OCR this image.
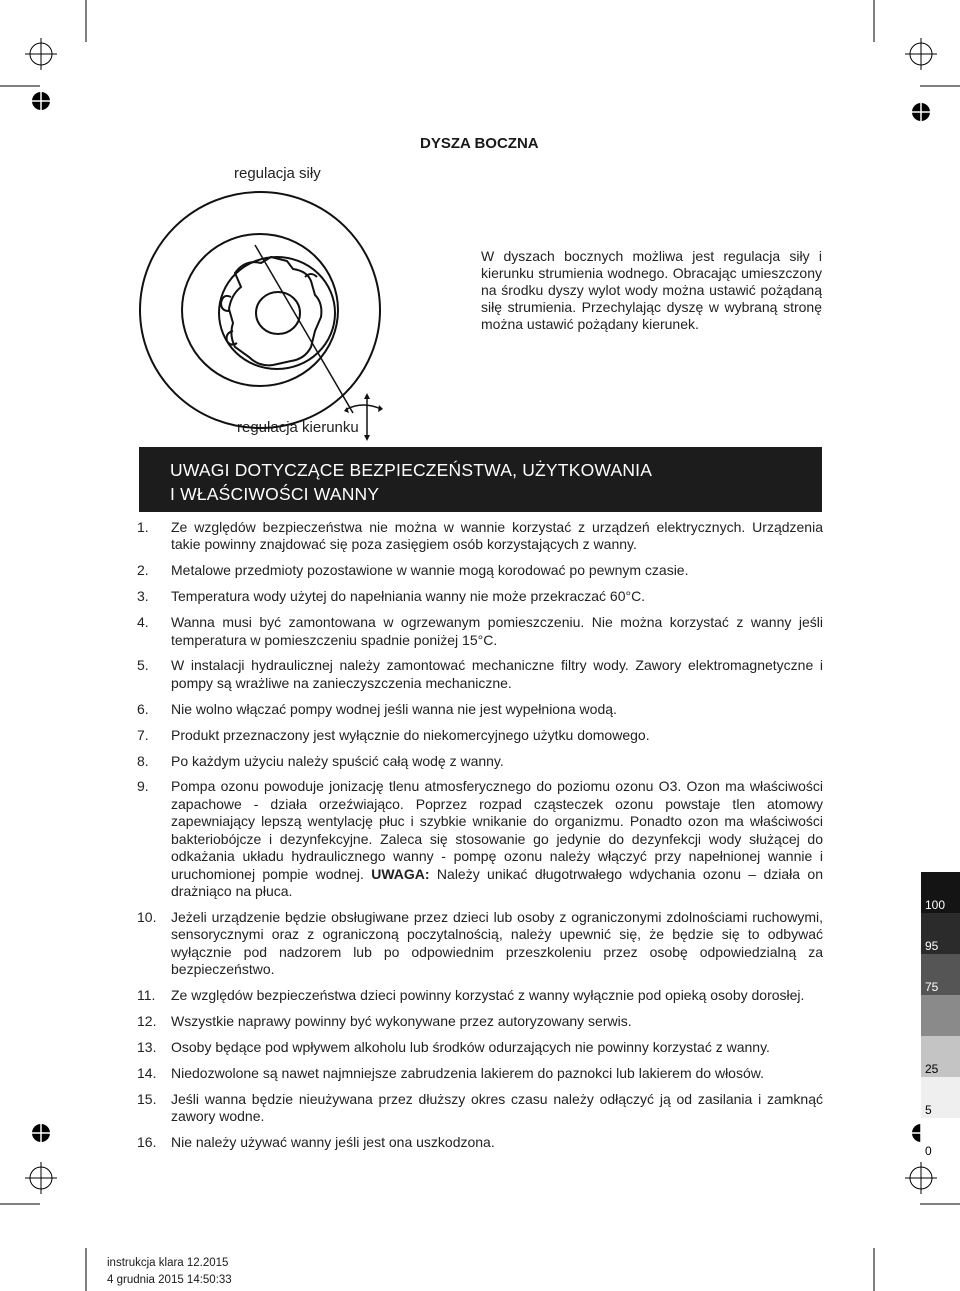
DYSZA BOCZNA
regulacja siły
regulacja kierunku
W dyszach bocznych możliwa jest regulacja siły i kierunku strumienia wodnego. Obracając umieszczony na środku dyszy wylot wody można ustawić pożądaną siłę strumienia. Przechylając dyszę w wybraną stronę można ustawić pożądany kierunek.
UWAGI DOTYCZĄCE BEZPIECZEŃSTWA, UŻYTKOWANIA
I WŁAŚCIWOŚCI WANNY
1.	Ze względów bezpieczeństwa nie można w wannie korzystać z urządzeń elektrycznych. Urządzenia takie powinny znajdować się poza zasięgiem osób korzystających z wanny.
2.	Metalowe przedmioty pozostawione w wannie mogą korodować po pewnym czasie.
3.	Temperatura wody użytej do napełniania wanny nie może przekraczać 60°C.
4.	Wanna musi być zamontowana w ogrzewanym pomieszczeniu. Nie można korzystać z wanny jeśli temperatura w pomieszczeniu spadnie poniżej 15°C.
5.	W instalacji hydraulicznej należy zamontować mechaniczne filtry wody. Zawory elektromagnetyczne i pompy są wrażliwe na zanieczyszczenia mechaniczne.
6.	Nie wolno włączać pompy wodnej jeśli wanna nie jest wypełniona wodą.
7.	Produkt przeznaczony jest wyłącznie do niekomercyjnego użytku domowego.
8.	Po każdym użyciu należy spuścić całą wodę z wanny.
9.	Pompa ozonu powoduje jonizację tlenu atmosferycznego do poziomu ozonu O3. Ozon ma właściwości zapachowe - działa orzeźwiająco. Poprzez rozpad cząsteczek ozonu powstaje tlen atomowy zapewniający lepszą wentylację płuc i szybkie wnikanie do organizmu. Ponadto ozon ma właściwości bakteriobójcze i dezynfekcyjne. Zaleca się stosowanie go jedynie do dezynfekcji wody służącej do odkażania układu hydraulicznego wanny - pompę ozonu należy włączyć przy napełnionej wannie i uruchomionej pompie wodnej. UWAGA: Należy unikać długotrwałego wdychania ozonu – działa on drażniąco na płuca.
10.	Jeżeli urządzenie będzie obsługiwane przez dzieci lub osoby z ograniczonymi zdolnościami ruchowymi, sensorycznymi oraz z ograniczoną poczytalnością, należy upewnić się, że będzie się to odbywać wyłącznie pod nadzorem lub po odpowiednim przeszkoleniu przez osobę odpowiedzialną za bezpieczeństwo.
11.	Ze względów bezpieczeństwa dzieci powinny korzystać z wanny wyłącznie pod opieką osoby dorosłej.
12.	Wszystkie naprawy powinny być wykonywane przez autoryzowany serwis.
13.	Osoby będące pod wpływem alkoholu lub środków odurzających nie powinny korzystać z wanny.
14.	Niedozwolone są nawet najmniejsze zabrudzenia lakierem do paznokci lub lakierem do włosów.
15.	Jeśli wanna będzie nieużywana przez dłuższy okres czasu należy odłączyć ją od zasilania i zamknąć zawory wodne.
16.	Nie należy używać wanny jeśli jest ona uszkodzona.
instrukcja klara 12.2015
4 grudnia 2015 14:50:33
100
95
75
25
5
0
